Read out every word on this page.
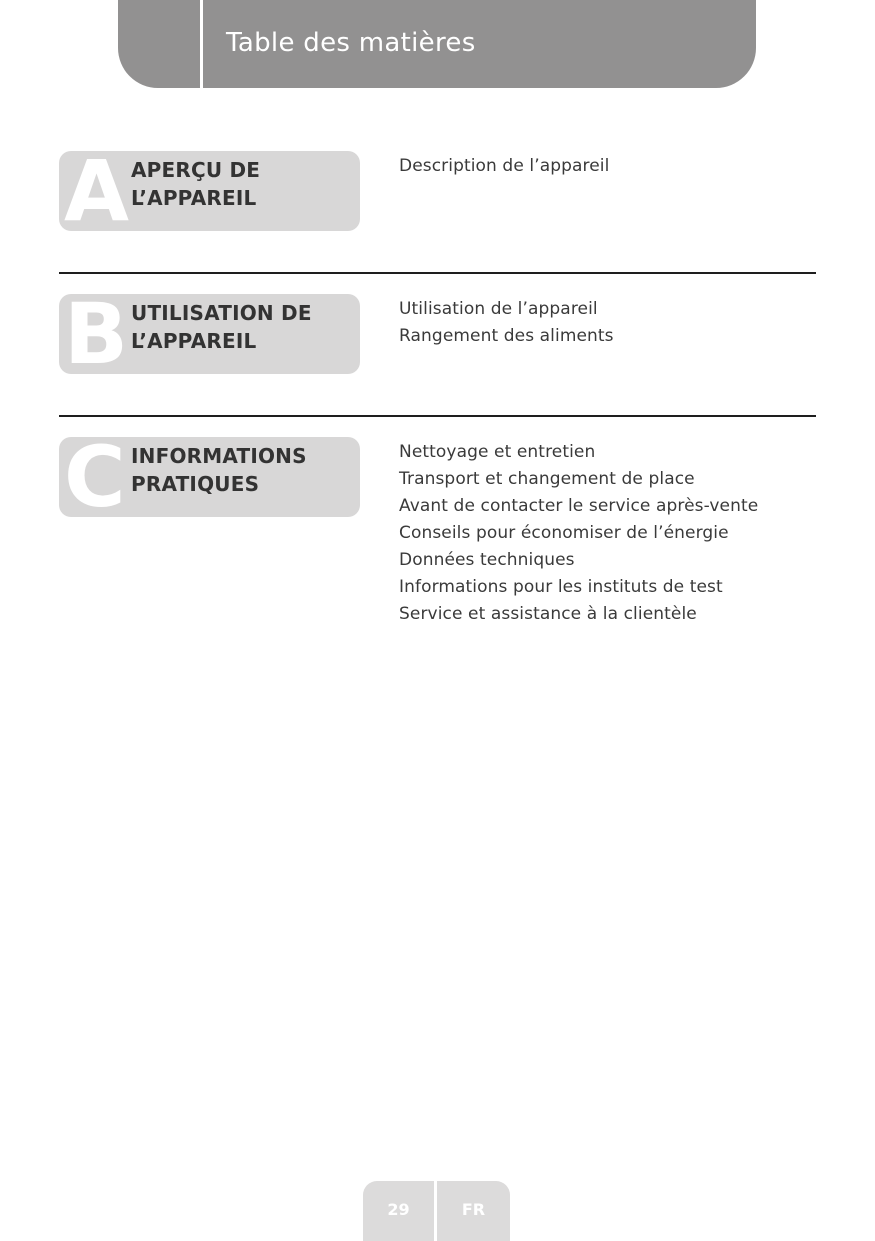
Table des matières
A APERÇU DE
L’APPAREIL
Description de l’appareil
B UTILISATION DE
L’APPAREIL
Utilisation de l’appareil
Rangement des aliments
C INFORMATIONS
PRATIQUES
Nettoyage et entretien
Transport et changement de place
Avant de contacter le service après-vente
Conseils pour économiser de l’énergie
Données techniques
Informations pour les instituts de test
Service et assistance à la clientèle
29	FR
